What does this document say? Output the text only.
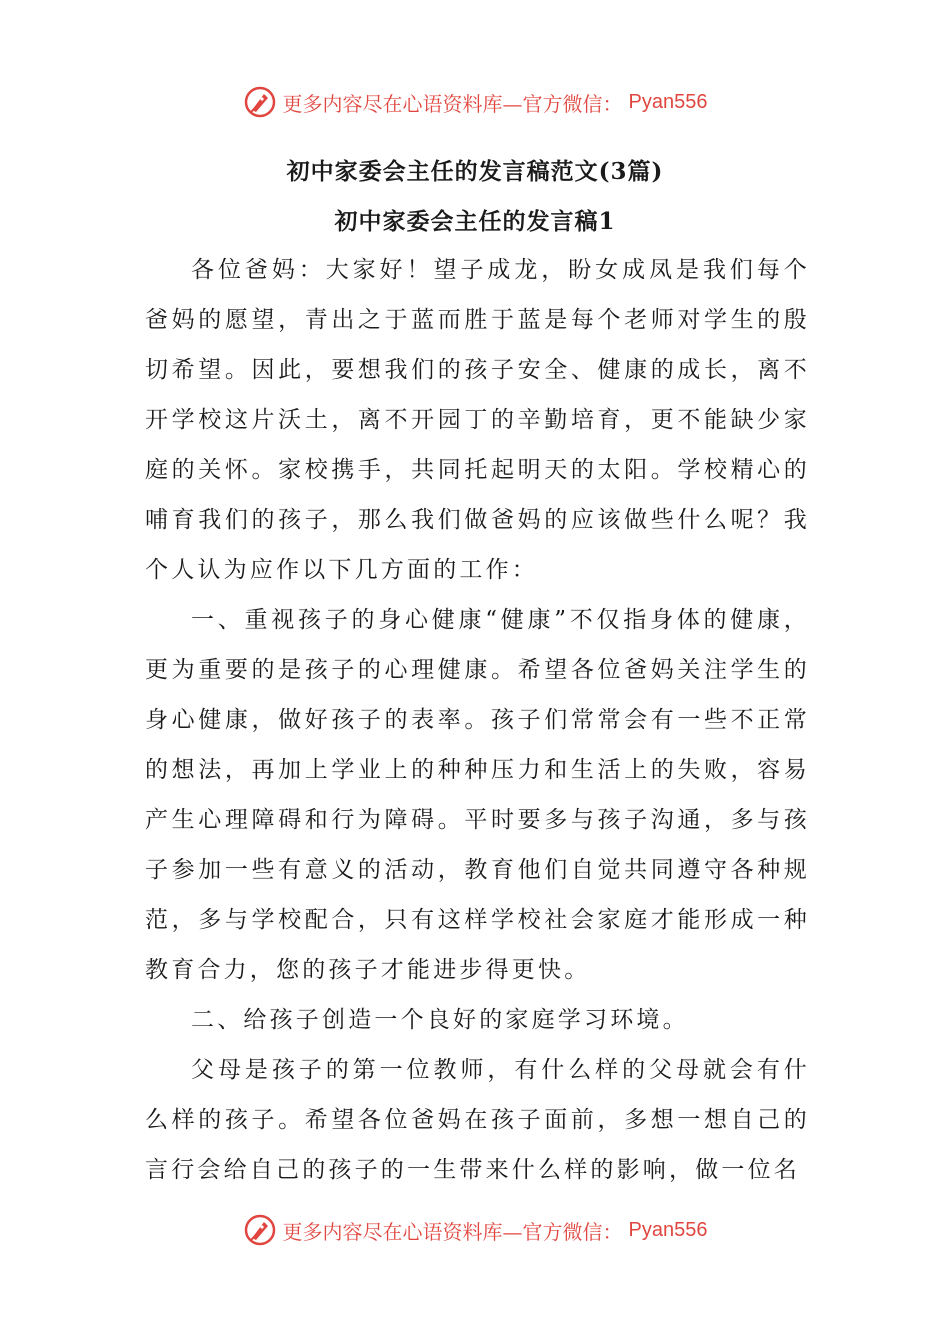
更多内容尽在心语资料库—官方微信： Pyan556
初中家委会主任的发言稿范文(3篇)
初中家委会主任的发言稿1

各位爸妈：大家好！望子成龙，盼女成凤是我们每个爸妈的愿望，青出之于蓝而胜于蓝是每个老师对学生的殷切希望。因此，要想我们的孩子安全、健康的成长，离不开学校这片沃土，离不开园丁的辛勤培育，更不能缺少家庭的关怀。家校携手，共同托起明天的太阳。学校精心的哺育我们的孩子，那么我们做爸妈的应该做些什么呢？我个人认为应作以下几方面的工作：

一、重视孩子的身心健康“健康”不仅指身体的健康，更为重要的是孩子的心理健康。希望各位爸妈关注学生的身心健康，做好孩子的表率。孩子们常常会有一些不正常的想法，再加上学业上的种种压力和生活上的失败，容易产生心理障碍和行为障碍。平时要多与孩子沟通，多与孩子参加一些有意义的活动，教育他们自觉共同遵守各种规范，多与学校配合，只有这样学校社会家庭才能形成一种教育合力，您的孩子才能进步得更快。

二、给孩子创造一个良好的家庭学习环境。

父母是孩子的第一位教师，有什么样的父母就会有什么样的孩子。希望各位爸妈在孩子面前，多想一想自己的言行会给自己的孩子的一生带来什么样的影响，做一位名

更多内容尽在心语资料库—官方微信： Pyan556
